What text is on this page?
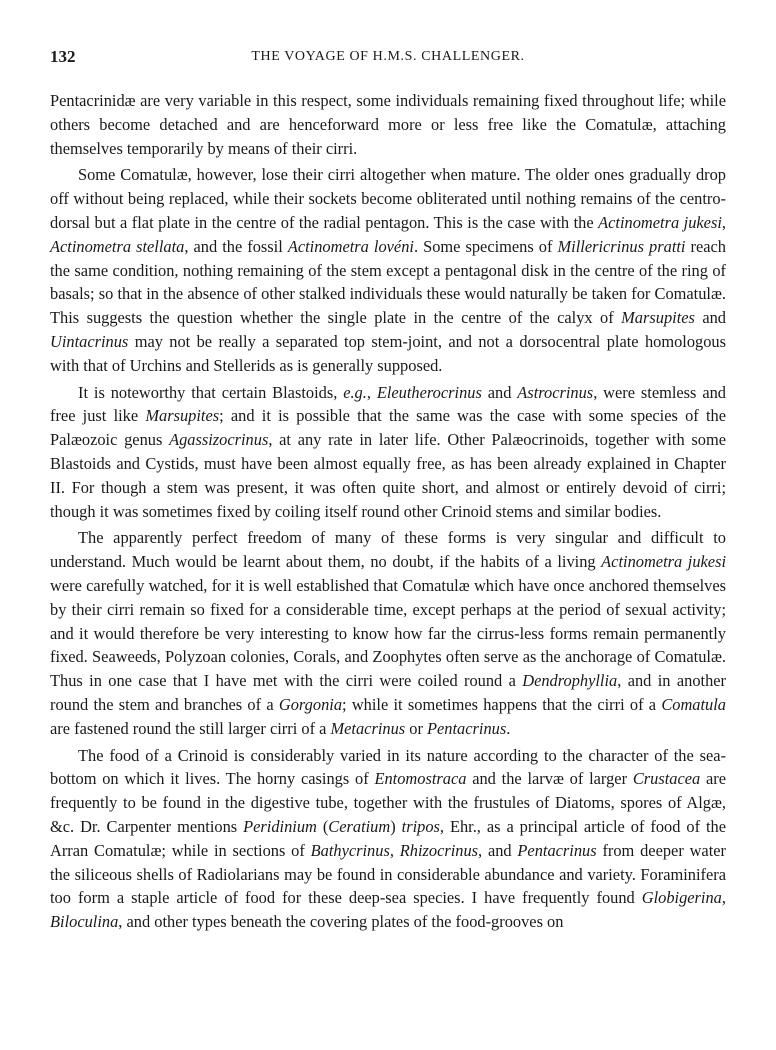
132	THE VOYAGE OF H.M.S. CHALLENGER.

Pentacrinidæ are very variable in this respect, some individuals remaining fixed throughout life; while others become detached and are henceforward more or less free like the Comatulæ, attaching themselves temporarily by means of their cirri.

Some Comatulæ, however, lose their cirri altogether when mature. The older ones gradually drop off without being replaced, while their sockets become obliterated until nothing remains of the centro-dorsal but a flat plate in the centre of the radial pentagon. This is the case with the Actinometra jukesi, Actinometra stellata, and the fossil Actinometra lovéni. Some specimens of Millericrinus pratti reach the same condition, nothing remaining of the stem except a pentagonal disk in the centre of the ring of basals; so that in the absence of other stalked individuals these would naturally be taken for Comatulæ. This suggests the question whether the single plate in the centre of the calyx of Marsupites and Uintacrinus may not be really a separated top stem-joint, and not a dorsocentral plate homologous with that of Urchins and Stellerids as is generally supposed.

It is noteworthy that certain Blastoids, e.g., Eleutherocrinus and Astrocrinus, were stemless and free just like Marsupites; and it is possible that the same was the case with some species of the Palæozoic genus Agassizocrinus, at any rate in later life. Other Palæocrinoids, together with some Blastoids and Cystids, must have been almost equally free, as has been already explained in Chapter II. For though a stem was present, it was often quite short, and almost or entirely devoid of cirri; though it was sometimes fixed by coiling itself round other Crinoid stems and similar bodies.

The apparently perfect freedom of many of these forms is very singular and difficult to understand. Much would be learnt about them, no doubt, if the habits of a living Actinometra jukesi were carefully watched, for it is well established that Comatulæ which have once anchored themselves by their cirri remain so fixed for a considerable time, except perhaps at the period of sexual activity; and it would therefore be very interesting to know how far the cirrus-less forms remain permanently fixed. Seaweeds, Polyzoan colonies, Corals, and Zoophytes often serve as the anchorage of Comatulæ. Thus in one case that I have met with the cirri were coiled round a Dendrophyllia, and in another round the stem and branches of a Gorgonia; while it sometimes happens that the cirri of a Comatula are fastened round the still larger cirri of a Metacrinus or Pentacrinus.

The food of a Crinoid is considerably varied in its nature according to the character of the sea-bottom on which it lives. The horny casings of Entomostraca and the larvæ of larger Crustacea are frequently to be found in the digestive tube, together with the frustules of Diatoms, spores of Algæ, &c. Dr. Carpenter mentions Peridinium (Ceratium) tripos, Ehr., as a principal article of food of the Arran Comatulæ; while in sections of Bathycrinus, Rhizocrinus, and Pentacrinus from deeper water the siliceous shells of Radiolarians may be found in considerable abundance and variety. Foraminifera too form a staple article of food for these deep-sea species. I have frequently found Globigerina, Biloculina, and other types beneath the covering plates of the food-grooves on
